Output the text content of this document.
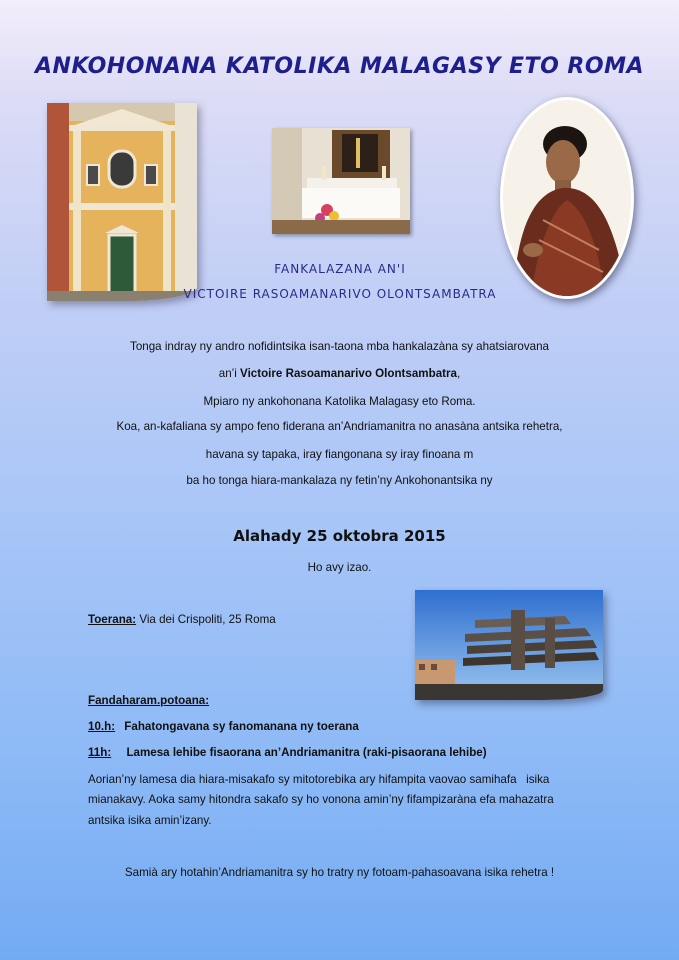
ANKOHONANA KATOLIKA MALAGASY ETO ROMA
FANKALAZANA AN'I
VICTOIRE RASOAMANARIVO OLONTSAMBATRA
Tonga indray ny andro nofidintsika isan-taona mba hankalazàna sy ahatsiarovana
an’i Victoire Rasoamanarivo Olontsambatra,
Mpiaro ny ankohonana Katolika Malagasy eto Roma.
Koa, an-kafaliana sy ampo feno fiderana an’Andriamanitra no anasàna antsika rehetra,
havana sy tapaka, iray fiangonana sy iray finoana m
ba ho tonga hiara-mankalaza ny fetin’ny Ankohonantsika ny
Alahady 25 oktobra 2015
Ho avy izao.
Toerana: Via dei Crispoliti, 25 Roma
Fandaharam.potoana:
10.h: Fahatongavana sy fanomanana ny toerana
11h: Lamesa lehibe fisaorana an’Andriamanitra (raki-pisaorana lehibe)
Aorian’ny lamesa dia hiara-misakafo sy mitotorebika ary hifampita vaovao samihafa   isika
mianakavy. Aoka samy hitondra sakafo sy ho vonona amin’ny fifampizaràna efa mahazatra
antsika isika amin’izany.
Samià ary hotahin’Andriamanitra sy ho tratry ny fotoam-pahasoavana isika rehetra !
